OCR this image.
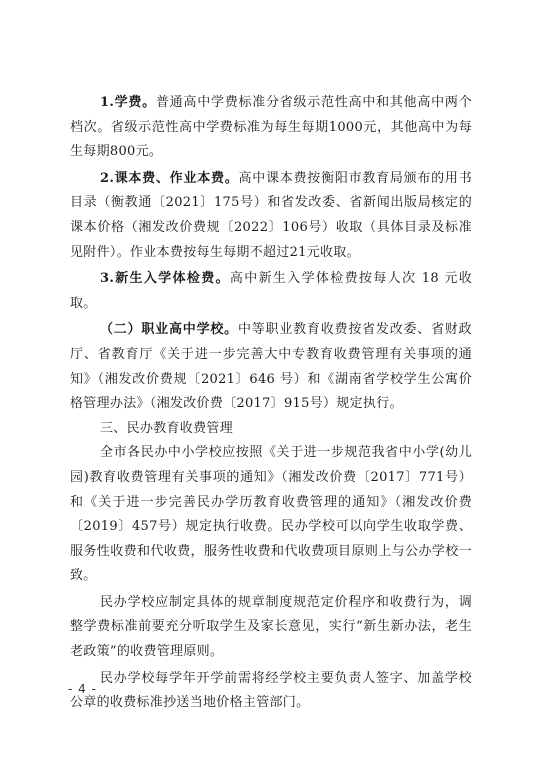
1.学费。普通高中学费标准分省级示范性高中和其他高中两个档次。省级示范性高中学费标准为每生每期1000元，其他高中为每生每期800元。

2.课本费、作业本费。高中课本费按衡阳市教育局颁布的用书目录（衡教通〔2021〕175号）和省发改委、省新闻出版局核定的课本价格（湘发改价费规〔2022〕106号）收取（具体目录及标准见附件）。作业本费按每生每期不超过21元收取。

3.新生入学体检费。高中新生入学体检费按每人次 18 元收取。

（二）职业高中学校。中等职业教育收费按省发改委、省财政厅、省教育厅《关于进一步完善大中专教育收费管理有关事项的通知》（湘发改价费规〔2021〕646 号）和《湖南省学校学生公寓价格管理办法》（湘发改价费〔2017〕915号）规定执行。

三、民办教育收费管理

全市各民办中小学校应按照《关于进一步规范我省中小学(幼儿园)教育收费管理有关事项的通知》（湘发改价费〔2017〕771号）和《关于进一步完善民办学历教育收费管理的通知》（湘发改价费〔2019〕457号）规定执行收费。民办学校可以向学生收取学费、服务性收费和代收费，服务性收费和代收费项目原则上与公办学校一致。

民办学校应制定具体的规章制度规范定价程序和收费行为，调整学费标准前要充分听取学生及家长意见，实行“新生新办法，老生老政策”的收费管理原则。

民办学校每学年开学前需将经学校主要负责人签字、加盖学校公章的收费标准抄送当地价格主管部门。

- 4 -
